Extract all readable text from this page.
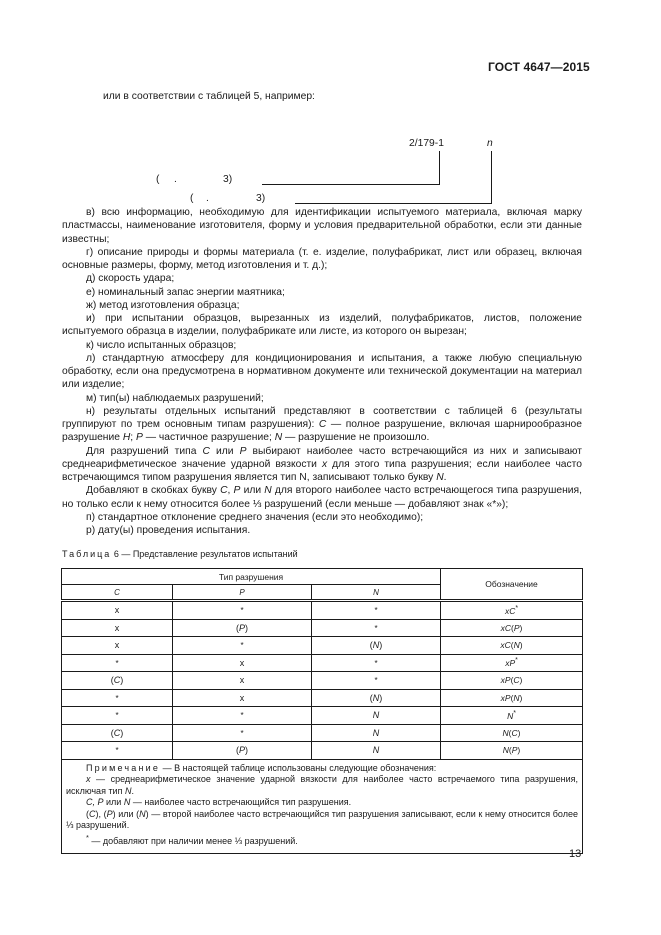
ГОСТ 4647—2015
или в соответствии с таблицей 5, например:
2/179-1	n
( .	3)
( .	3)

в) всю информацию, необходимую для идентификации испытуемого материала, включая марку пластмассы, наименование изготовителя, форму и условия предварительной обработки, если эти данные известны;

г) описание природы и формы материала (т. е. изделие, полуфабрикат, лист или образец, включая основные размеры, форму, метод изготовления и т. д.);

д) скорость удара;

е) номинальный запас энергии маятника;

ж) метод изготовления образца;

и) при испытании образцов, вырезанных из изделий, полуфабрикатов, листов, положение испытуемого образца в изделии, полуфабрикате или листе, из которого он вырезан;

к) число испытанных образцов;

л) стандартную атмосферу для кондиционирования и испытания, а также любую специальную обработку, если она предусмотрена в нормативном документе или технической документации на материал или изделие;

м) тип(ы) наблюдаемых разрушений;

н) результаты отдельных испытаний представляют в соответствии с таблицей 6 (результаты группируют по трем основным типам разрушения): C — полное разрушение, включая шарнирообразное разрушение H; P — частичное разрушение; N — разрушение не произошло.

Для разрушений типа C или P выбирают наиболее часто встречающийся из них и записывают среднеарифметическое значение ударной вязкости x для этого типа разрушения; если наиболее часто встречающимся типом разрушения является тип N, записывают только букву N.

Добавляют в скобках букву C, P или N для второго наиболее часто встречающегося типа разрушения, но только если к нему относится более ⅓ разрушений (если меньше — добавляют знак «*»);

п) стандартное отклонение среднего значения (если это необходимо);

р) дату(ы) проведения испытания.

Таблица 6 — Представление результатов испытаний
Тип разрушения			Обозначение
C	P	N	
x	*	*	xC*
x	(P)	*	xC(P)
x	*	(N)	xC(N)
*	x	*	xP*
(C)	x	*	xP(C)
*	x	(N)	xP(N)
*	*	N	N*
(C)	*	N	N(C)
*	(P)	N	N(P)

Примечание — В настоящей таблице использованы следующие обозначения:

x — среднеарифметическое значение ударной вязкости для наиболее часто встречаемого типа разрушения, исключая тип N.

C, P или N — наиболее часто встречающийся тип разрушения.

(C), (P) или (N) — второй наиболее часто встречающийся тип разрушения записывают, если к нему относится более ⅓ разрушений.

* — добавляют при наличии менее ⅓ разрушений.			

13
